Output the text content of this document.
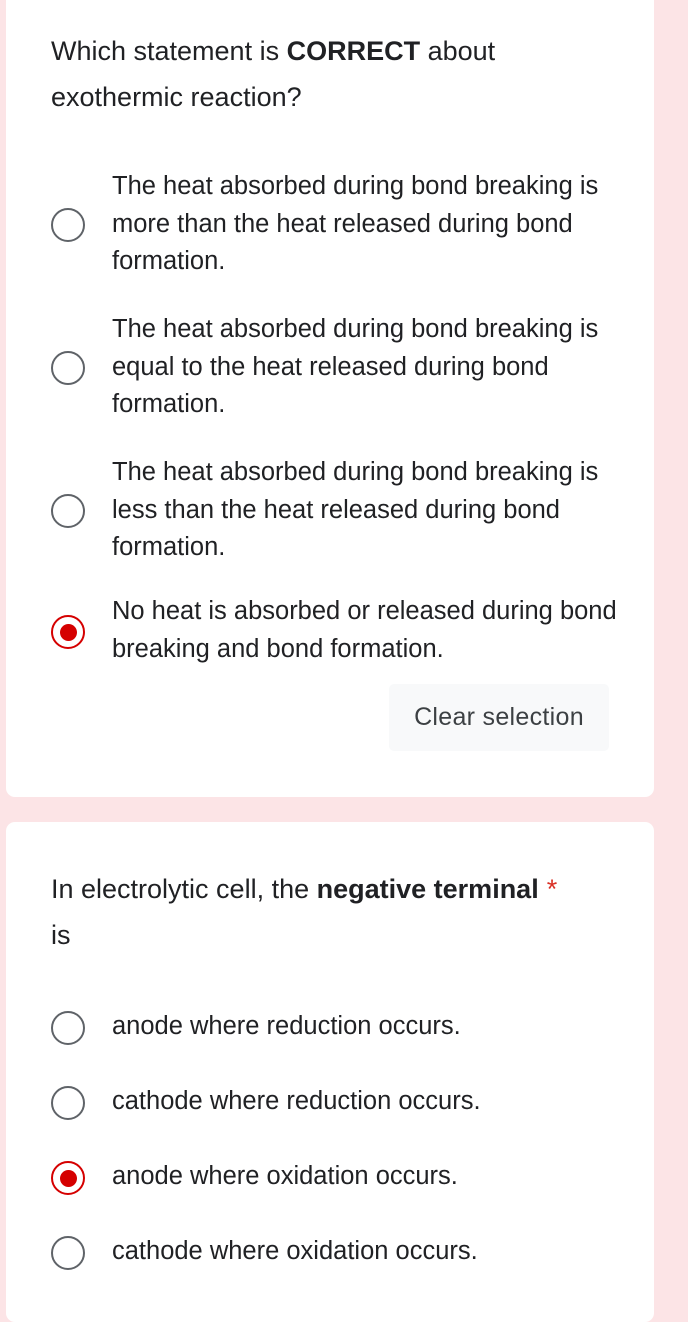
Which statement is CORRECT about exothermic reaction?
The heat absorbed during bond breaking is more than the heat released during bond formation.
The heat absorbed during bond breaking is equal to the heat released during bond formation.
The heat absorbed during bond breaking is less than the heat released during bond formation.
No heat is absorbed or released during bond breaking and bond formation.
Clear selection
In electrolytic cell, the negative terminal *
is
anode where reduction occurs.
cathode where reduction occurs.
anode where oxidation occurs.
cathode where oxidation occurs.
